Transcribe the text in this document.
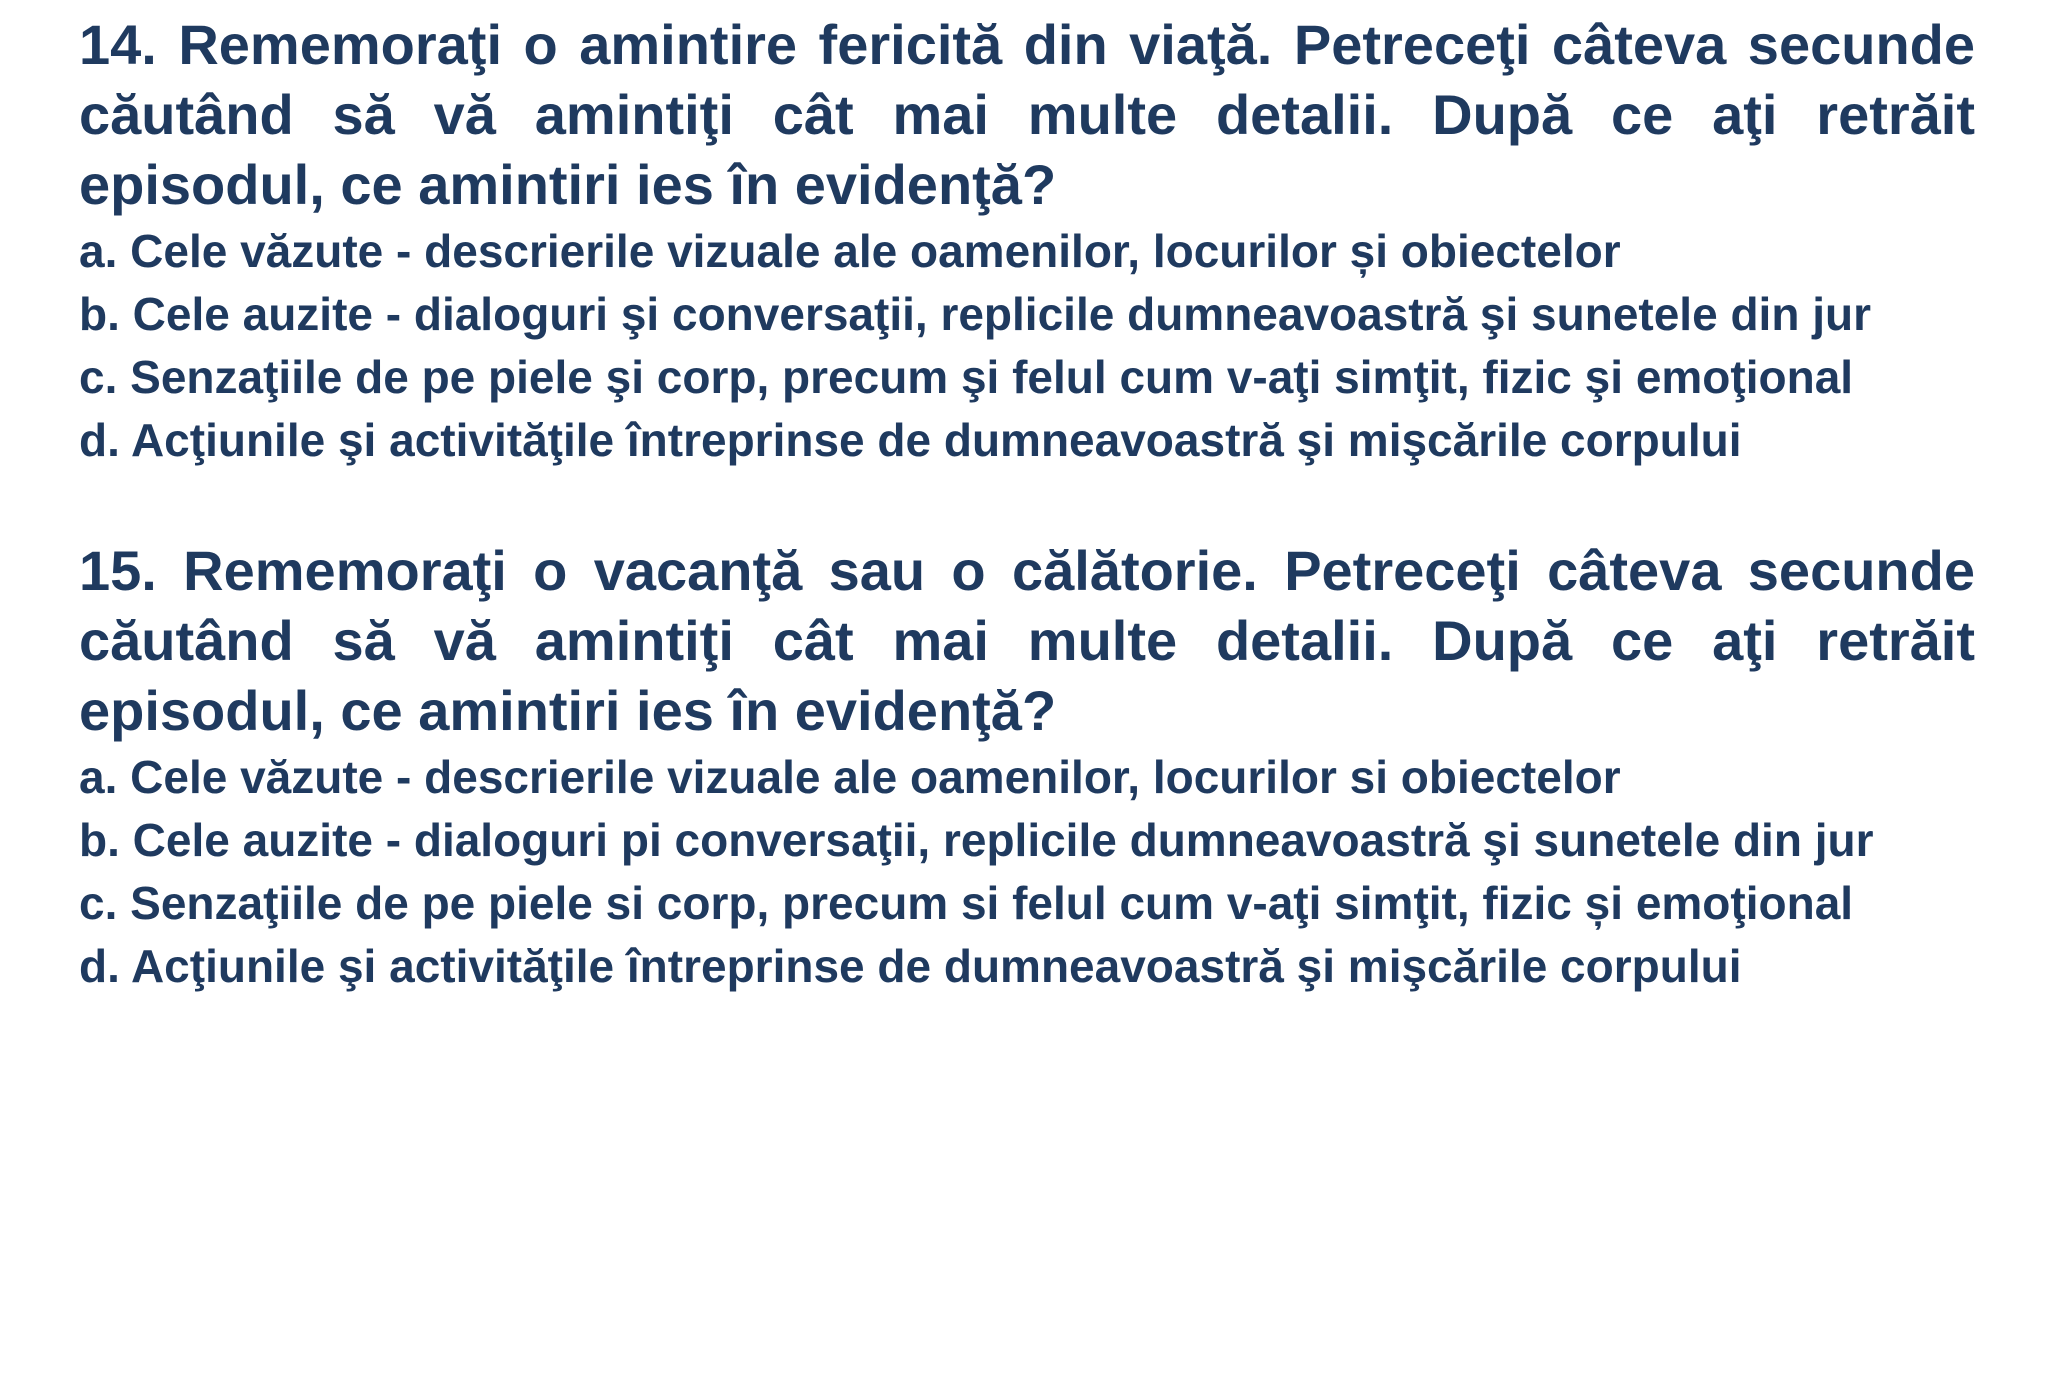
14. Rememoraţi o amintire fericită din viaţă. Petreceţi câteva secunde căutând să vă amintiţi cât mai multe detalii. După ce aţi retrăit episodul, ce amintiri ies în evidenţă?

a. Cele văzute - descrierile vizuale ale oamenilor, locurilor și obiectelor

b. Cele auzite - dialoguri şi conversaţii, replicile dumneavoastră şi sunetele din jur

c. Senzaţiile de pe piele şi corp, precum şi felul cum v-aţi simţit, fizic şi emoţional

d. Acţiunile şi activităţile întreprinse de dumneavoastră şi mişcările corpului

15. Rememoraţi o vacanţă sau o călătorie. Petreceţi câteva secunde căutând să vă amintiţi cât mai multe detalii. După ce aţi retrăit episodul, ce amintiri ies în evidenţă?

a. Cele văzute - descrierile vizuale ale oamenilor, locurilor si obiectelor

b. Cele auzite - dialoguri pi conversaţii, replicile dumneavoastră şi sunetele din jur

c. Senzaţiile de pe piele si corp, precum si felul cum v-aţi simţit, fizic și emoţional

d. Acţiunile şi activităţile întreprinse de dumneavoastră şi mişcările corpului
